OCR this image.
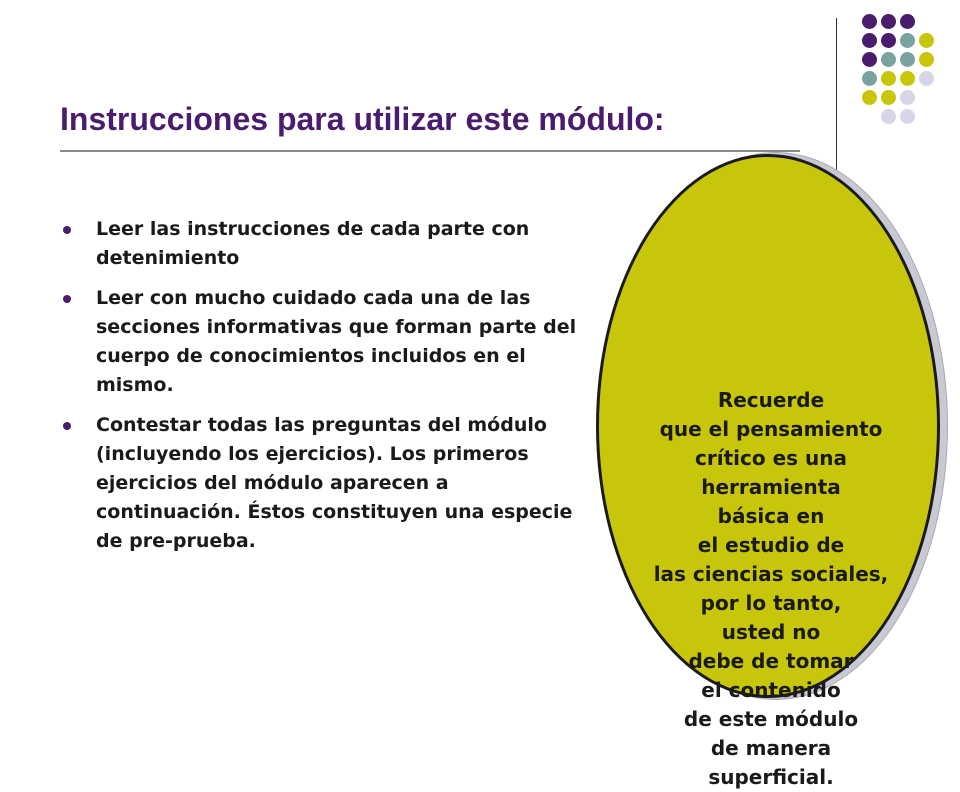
Instrucciones para utilizar este módulo:
Leer las instrucciones de cada parte con detenimiento
Leer con mucho cuidado cada una de las secciones informativas que forman parte del cuerpo de conocimientos incluidos en el mismo.
Contestar todas las preguntas del módulo (incluyendo los ejercicios). Los primeros ejercicios del módulo aparecen a continuación. Éstos constituyen una especie de pre-prueba.
Recuerde
que el pensamiento
crítico es una
herramienta
básica en
el estudio de
las ciencias sociales,
por lo tanto,
usted no
debe de tomar
el contenido
de este módulo
de manera
superficial.
